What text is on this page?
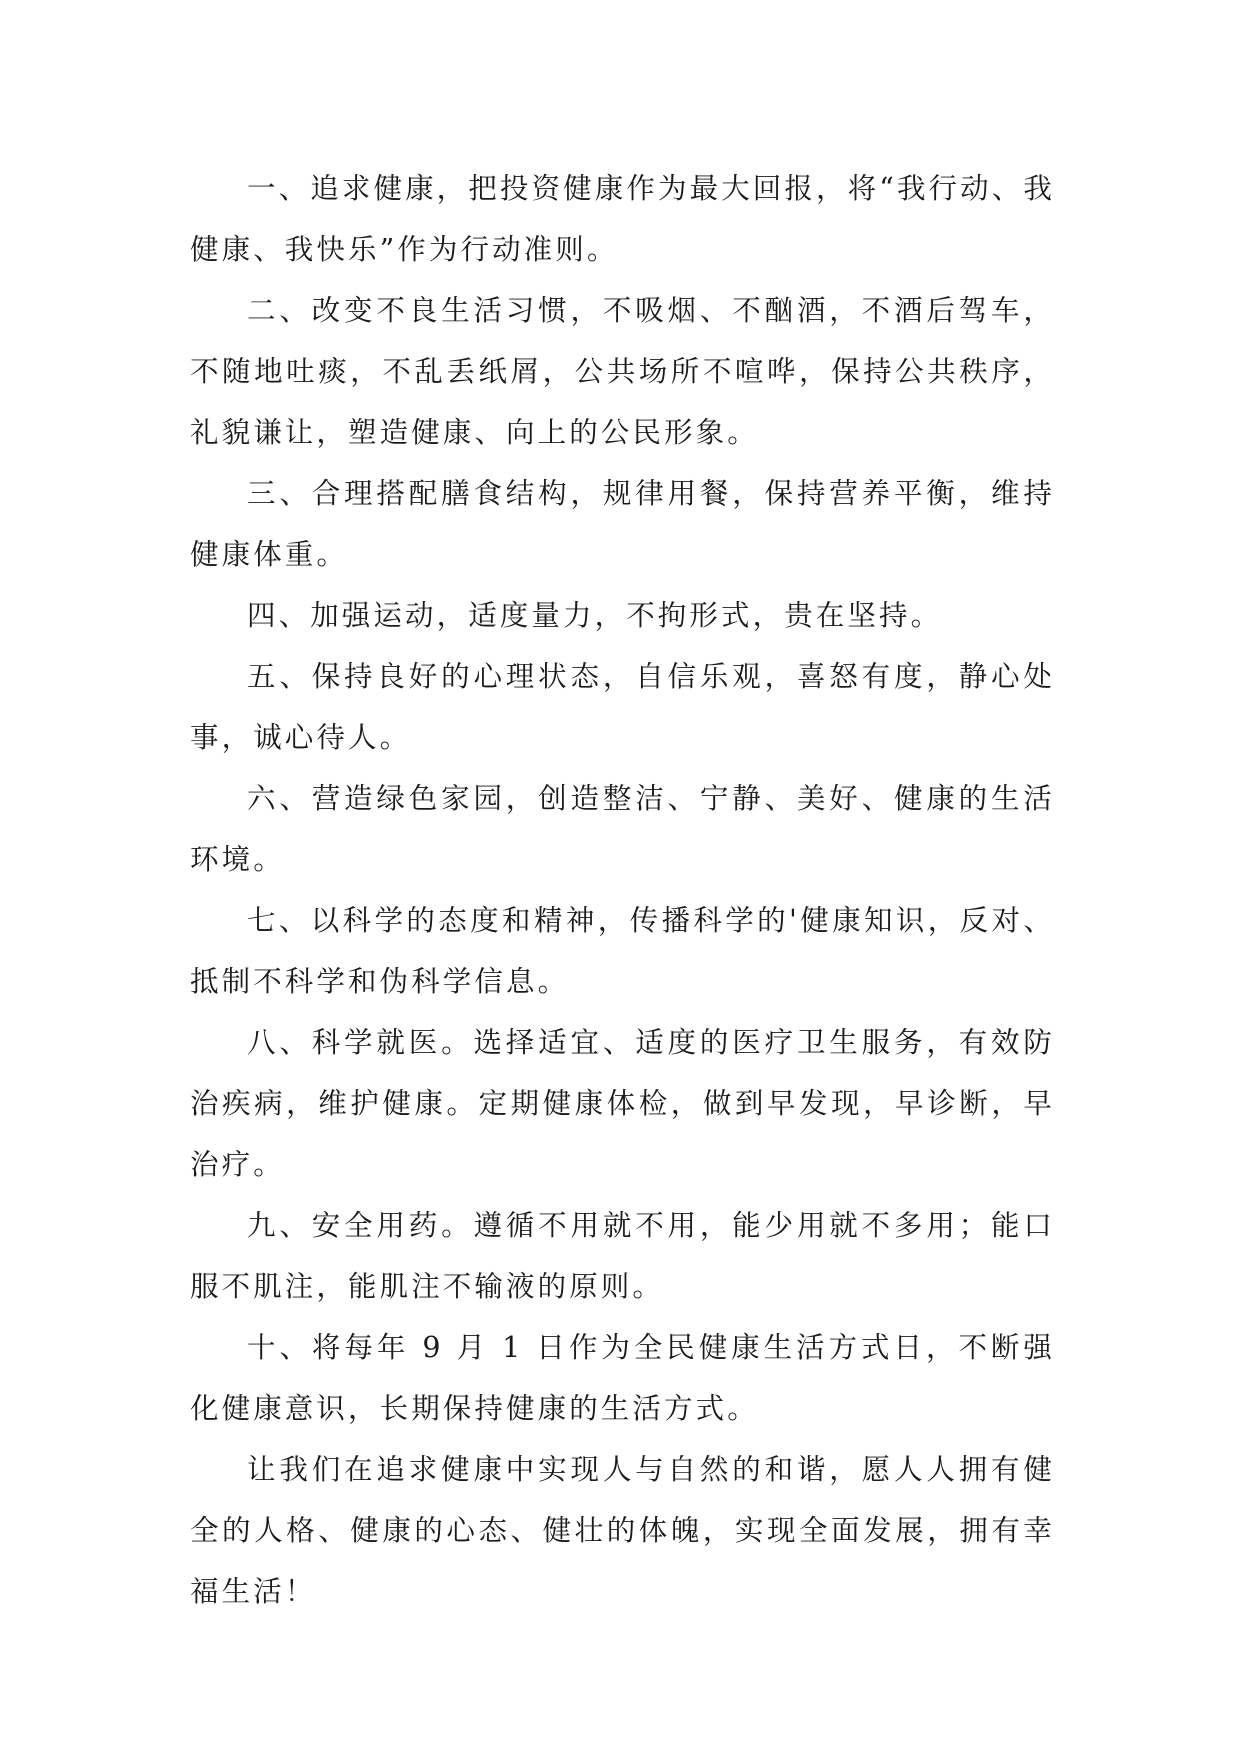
一、追求健康，把投资健康作为最大回报，将“我行动、我健康、我快乐”作为行动准则。

二、改变不良生活习惯，不吸烟、不酗酒，不酒后驾车，不随地吐痰，不乱丢纸屑，公共场所不喧哗，保持公共秩序，礼貌谦让，塑造健康、向上的公民形象。

三、合理搭配膳食结构，规律用餐，保持营养平衡，维持健康体重。

四、加强运动，适度量力，不拘形式，贵在坚持。

五、保持良好的心理状态，自信乐观，喜怒有度，静心处事，诚心待人。

六、营造绿色家园，创造整洁、宁静、美好、健康的生活环境。

七、以科学的态度和精神，传播科学的'健康知识，反对、抵制不科学和伪科学信息。

八、科学就医。选择适宜、适度的医疗卫生服务，有效防治疾病，维护健康。定期健康体检，做到早发现，早诊断，早治疗。

九、安全用药。遵循不用就不用，能少用就不多用；能口服不肌注，能肌注不输液的原则。

十、将每年 9 月 1 日作为全民健康生活方式日，不断强化健康意识，长期保持健康的生活方式。

让我们在追求健康中实现人与自然的和谐，愿人人拥有健全的人格、健康的心态、健壮的体魄，实现全面发展，拥有幸福生活！
